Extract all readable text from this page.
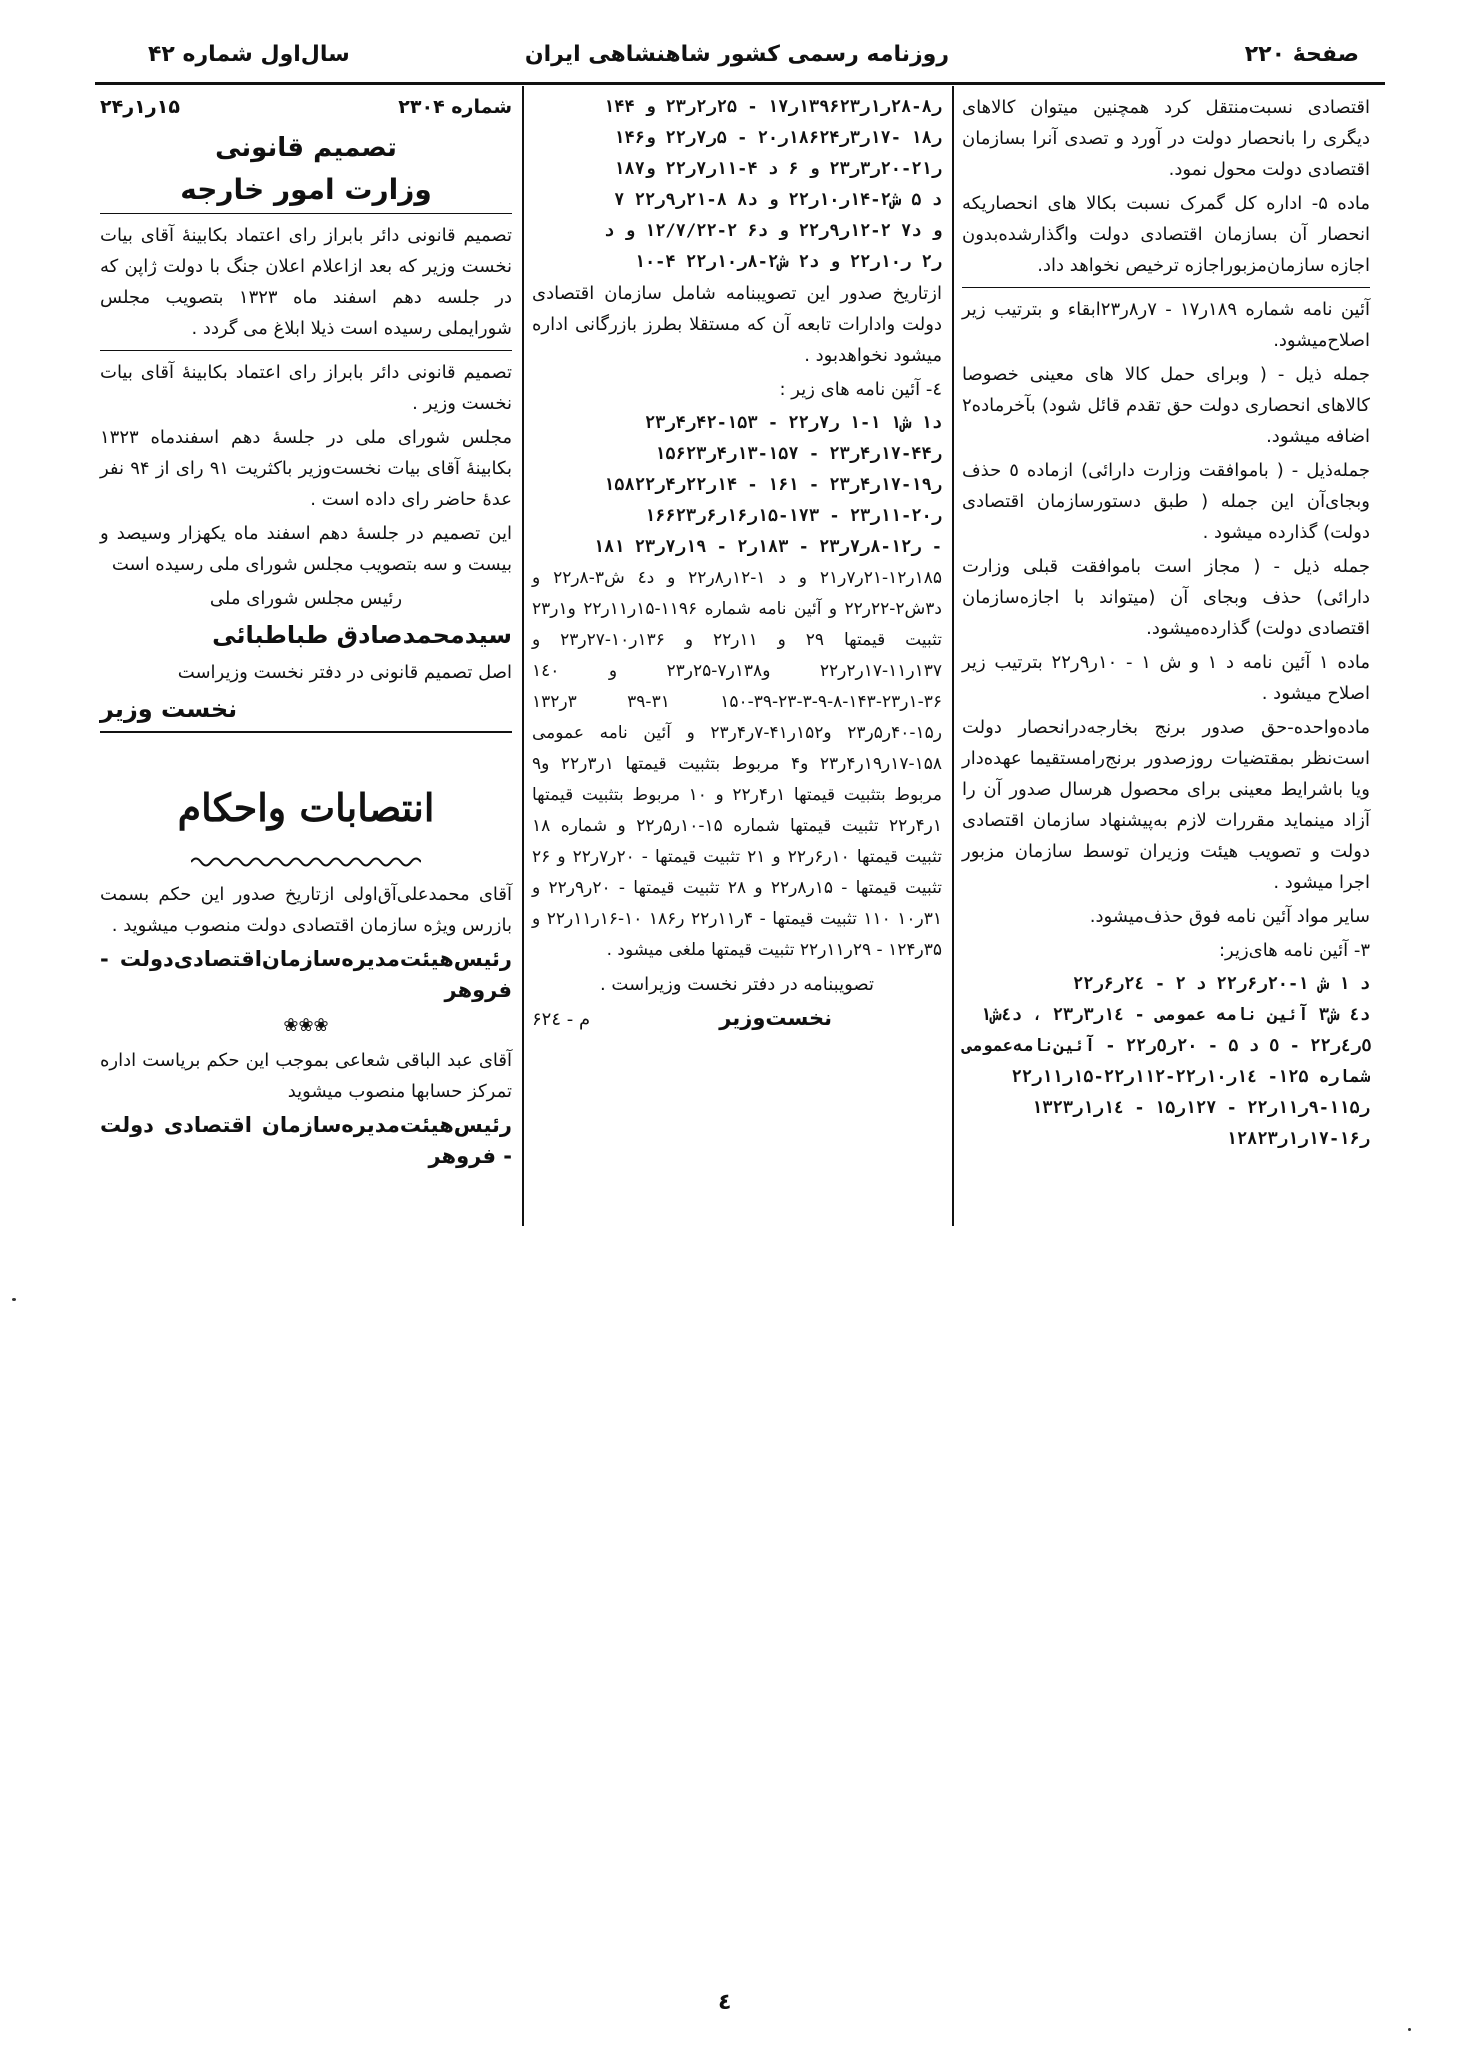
صفحهٔ ۲۲۰
روزنامه رسمی کشور شاهنشاهی ایران
سال‌اول شماره ۴۲

اقتصادی نسبت‌منتقل کرد همچنین میتوان کالاهای دیگری را بانحصار دولت در آورد و تصدی آنرا بسازمان اقتصادی دولت محول نمود.

ماده ۵- اداره کل گمرک نسبت بکالا های انحصاریکه انحصار آن بسازمان اقتصادی دولت واگذارشده‌بدون اجازه سازمان‌مزبوراجازه ترخیص نخواهد داد.

آئین نامه شماره ۱۸۹ر۱۷ - ۷ر۸ر۲۳ابقاء و بترتیب زیر اصلاح‌میشود.

جمله ذیل - ( وبرای حمل کالا های معینی خصوصا کالاهای انحصاری دولت حق تقدم قائل شود) بآخرماده۲ اضافه میشود.

جمله‌ذیل - ( باموافقت وزارت دارائی) ازماده ٥ حذف وبجای‌آن این جمله ( طبق دستورسازمان اقتصادی دولت) گذارده میشود .

جمله ذیل - ( مجاز است باموافقت قبلی وزارت دارائی) حذف وبجای آن (میتواند با اجازه‌سازمان اقتصادی دولت) گذارده‌میشود.

ماده ۱ آئین نامه د ۱ و ش ۱ - ۱۰ر۹ر۲۲ بترتیب زیر اصلاح میشود .

ماده‌واحده-حق صدور برنج بخارجه‌درانحصار دولت است‌نظر بمقتضیات روزصدور برنج‌رامستقیما عهده‌دار ویا باشرایط معینی برای محصول هرسال صدور آن را آزاد مینماید مقررات لازم به‌پیشنهاد سازمان اقتصادی دولت و تصویب هیئت وزیران توسط سازمان مزبور اجرا میشود .

سایر مواد آئین نامه فوق حذف‌میشود.

۳- آئین نامه های‌زیر:

د ۱ ش ۱-۲۰ر۶ر۲۲ د ۲ - ۲٤ر۶ر۲۲
د٤ ش۳ آئین نامه عمومی - ۱٤ر۳ر۲۳ ، د٤ش۱
٥ر٤ر۲۲ - ٥ د ۵ - ۲۰ر٥ر۲۲ - آئین‌نامه‌عمومی
شماره ۱۲۵- ۱٤ر۱۰ر۲۲-۱۱۲ر۲۲-۱۵ر۱۱ر۲۲
۱۳ر۱۱۵-۹ر۱۱ر۲۲ - ۱۲۷ر۱۵ - ۱٤ر۱ر۲۳
۱۲۸ر۱۶-۱۷ر۱ر۲۳
۱۴۴ ر۸-۲۸ر۱ر۱۳۹۶۲۳ر۱۷ - ۲۵ر۲ر۲۳ و
۱۴۶ر۱۸ -۱۷ر۳ر۱۸۶۲۴ر۲۰ - ۵ر۷ر۲۲ و
۱۸۷ر۲۱-۲۰ر۳ر۲۳ و ۶ د ۴-۱۱ر۷ر۲۲ و
۷ د ۵ ش۲-۱۴ر۱۰ر۲۲ و د۸ ۸-۲۱ر۹ر۲۲
و د۷ ۲-۱۲ر۹ر۲۲ و د۶ ۲-۱۲/۷/۲۲ و د
۱۰-۴ ر۲ ر۱۰ر۲۲ و د۲ ش۲-۸ر۱۰ر۲۲

ازتاریخ صدور این تصویبنامه شامل سازمان اقتصادی دولت وادارات تابعه آن که مستقلا بطرز بازرگانی اداره میشود نخواهدبود .

٤- آئین نامه های زیر :

د۱ ش۱ ۱-۱ ر۷ر۲۲ - ۱۵۳-۴۲ر۴ر۲۳
۱۵۶ر۴۴-۱۷ر۴ر۲۳ - ۱۵۷-۱۳ر۴ر۲۳
۱۵۸ر۱۹-۱۷ر۴ر۲۳ - ۱۶۱ - ۱۴ر۲۲ر۴ر۲۲
۱۶۶ر۲۰-۱۱ر۲۳ - ۱۷۳-۱۵ر۱۶ر۶ر۲۳
۱۸۱ ر۱۲-۸ر۷ر۲۳ - ۱۸۳ر۲ - ۱۹ر۷ر۲۳ -

۱۸۵ر۱۲-۲۱ر۷ر۲۱ و د ۱-۱۲ر۸ر۲۲ و د٤ ش۳-۸ر۲۲ و د۳ش۲-۲۲ر۲۲ و آئین نامه شماره ۱۱۹۶-۱۵ر۱۱ر۲۲ و۱ر۲۳ تثبیت قیمتها ۲۹ و ۱۱ر۲۲ و ۱۳۶ر۱۰-۲۷ر۲۳ و ۱۳۷ر۱۱-۱۷ر۲ر۲۲ و۱۳۸ر۷-۲۵ر۲۳ و ۱٤٠ ۳۶-۱ر۲۳-۱۴۳-۸-۹-۳-۲۳-۳۹-۱۵۰ ۳۱-۳۹ ۳ر۱۳۲ ر۱۵-۴۰ر۵ر۲۳ و۱۵۲ر۴۱-۷ر۴ر۲۳ و آئین نامه عمومی ۱۵۸-۱۷ر۱۹ر۴ر۲۳ و۴ مربوط بتثبیت قیمتها ۱ر۳ر۲۲ و۹ مربوط بتثبیت قیمتها ۱ر۴ر۲۲ و ۱۰ مربوط بتثبیت قیمتها ۱ر۴ر۲۲ تثبیت قیمتها شماره ۱۵-۱۰ر۵ر۲۲ و شماره ۱۸ تثبیت قیمتها ۱۰ر۶ر۲۲ و ۲۱ تثبیت قیمتها - ۲۰ر۷ر۲۲ و ۲۶ تثبیت قیمتها - ۱۵ر۸ر۲۲ و ۲۸ تثبیت قیمتها - ۲۰ر۹ر۲۲ و ۳۱ر۱۰ ۱۱۰ تثبیت قیمتها - ۴ر۱۱ر۲۲ ر۱۸۶ ۱۰-۱۶ر۱۱ر۲۲ و ۳۵ر۱۲۴ - ۲۹ر۱۱ر۲۲ تثبیت قیمتها ملغی میشود .

تصویبنامه در دفتر نخست وزیراست .

نخست‌وزیر
م - ۶۲٤
شماره ۲۳۰۴
۱۵ر۱ر۲۴
تصمیم قانونی
وزارت امور خارجه

تصمیم قانونی دائر بابراز رای اعتماد بکابینهٔ آقای بیات نخست وزیر که بعد ازاعلام اعلان جنگ با دولت ژاپن که در جلسه دهم اسفند ماه ۱۳۲۳ بتصویب مجلس شورایملی رسیده است ذیلا ابلاغ می گردد .

تصمیم قانونی دائر بابراز رای اعتماد بکابینهٔ آقای بیات نخست وزیر .

مجلس شورای ملی در جلسهٔ دهم اسفندماه ۱۳۲۳ بکابینهٔ آقای بیات نخست‌وزیر باکثریت ۹۱ رای از ۹۴ نفر عدهٔ حاضر رای داده است .

این تصمیم در جلسهٔ دهم اسفند ماه یکهزار وسیصد و بیست و سه بتصویب مجلس شورای ملی رسیده است

رئیس مجلس شورای ملی

سیدمحمدصادق طباطبائی

اصل تصمیم قانونی در دفتر نخست وزیراست

نخست وزیر
انتصابات واحکام

آقای محمدعلی‌آق‌اولی ازتاریخ صدور این حکم بسمت بازرس ویژه سازمان اقتصادی دولت منصوب میشوید .

رئیس‌هیئت‌مدیره‌سازمان‌اقتصادی‌دولت - فروهر
❀❀❀

آقای عبد الباقی شعاعی بموجب این حکم بریاست اداره تمرکز حسابها منصوب میشوید

رئیس‌هیئت‌مدیره‌سازمان اقتصادی دولت - فروهر
٤
